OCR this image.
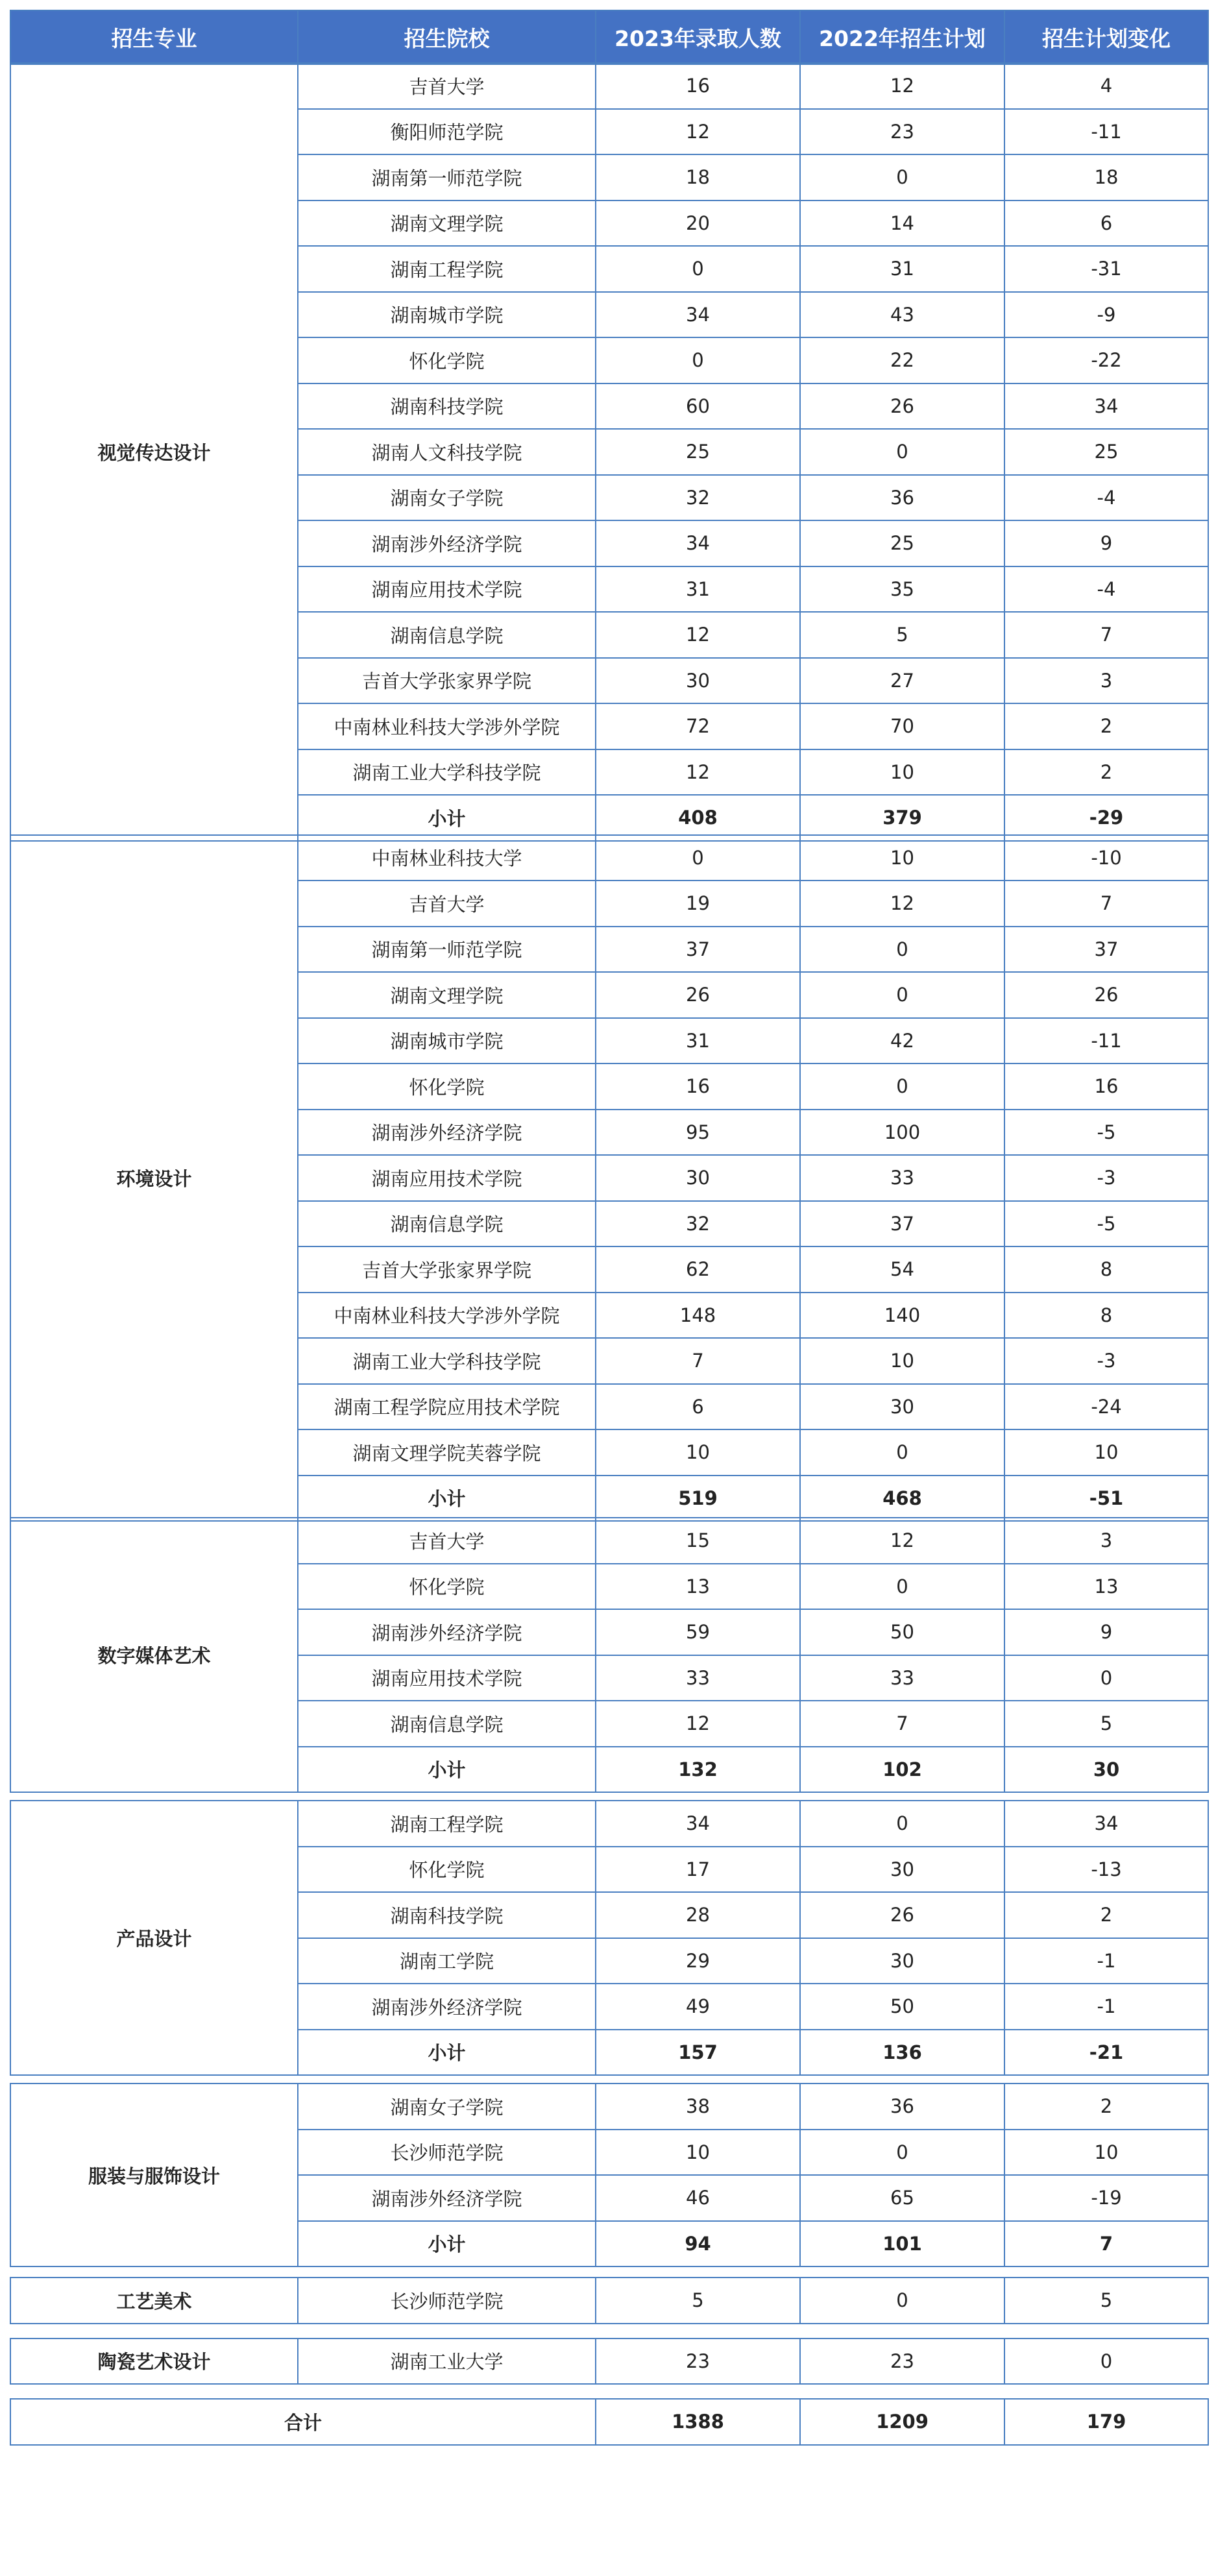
招生专业	招生院校	2023年录取人数	2022年招生计划	招生计划变化
视觉传达设计	吉首大学	16	12	4
	衡阳师范学院	12	23	-11
	湖南第一师范学院	18	0	18
	湖南文理学院	20	14	6
	湖南工程学院	0	31	-31
	湖南城市学院	34	43	-9
	怀化学院	0	22	-22
	湖南科技学院	60	26	34
	湖南人文科技学院	25	0	25
	湖南女子学院	32	36	-4
	湖南涉外经济学院	34	25	9
	湖南应用技术学院	31	35	-4
	湖南信息学院	12	5	7
	吉首大学张家界学院	30	27	3
	中南林业科技大学涉外学院	72	70	2
	湖南工业大学科技学院	12	10	2
	小计	408	379	-29
环境设计	中南林业科技大学	0	10	-10
	吉首大学	19	12	7
	湖南第一师范学院	37	0	37
	湖南文理学院	26	0	26
	湖南城市学院	31	42	-11
	怀化学院	16	0	16
	湖南涉外经济学院	95	100	-5
	湖南应用技术学院	30	33	-3
	湖南信息学院	32	37	-5
	吉首大学张家界学院	62	54	8
	中南林业科技大学涉外学院	148	140	8
	湖南工业大学科技学院	7	10	-3
	湖南工程学院应用技术学院	6	30	-24
	湖南文理学院芙蓉学院	10	0	10
	小计	519	468	-51
数字媒体艺术	吉首大学	15	12	3
	怀化学院	13	0	13
	湖南涉外经济学院	59	50	9
	湖南应用技术学院	33	33	0
	湖南信息学院	12	7	5
	小计	132	102	30
产品设计	湖南工程学院	34	0	34
	怀化学院	17	30	-13
	湖南科技学院	28	26	2
	湖南工学院	29	30	-1
	湖南涉外经济学院	49	50	-1
	小计	157	136	-21
服装与服饰设计	湖南女子学院	38	36	2
	长沙师范学院	10	0	10
	湖南涉外经济学院	46	65	-19
	小计	94	101	7
工艺美术	长沙师范学院	5	0	5
陶瓷艺术设计	湖南工业大学	23	23	0
合计	1388	1209	179
